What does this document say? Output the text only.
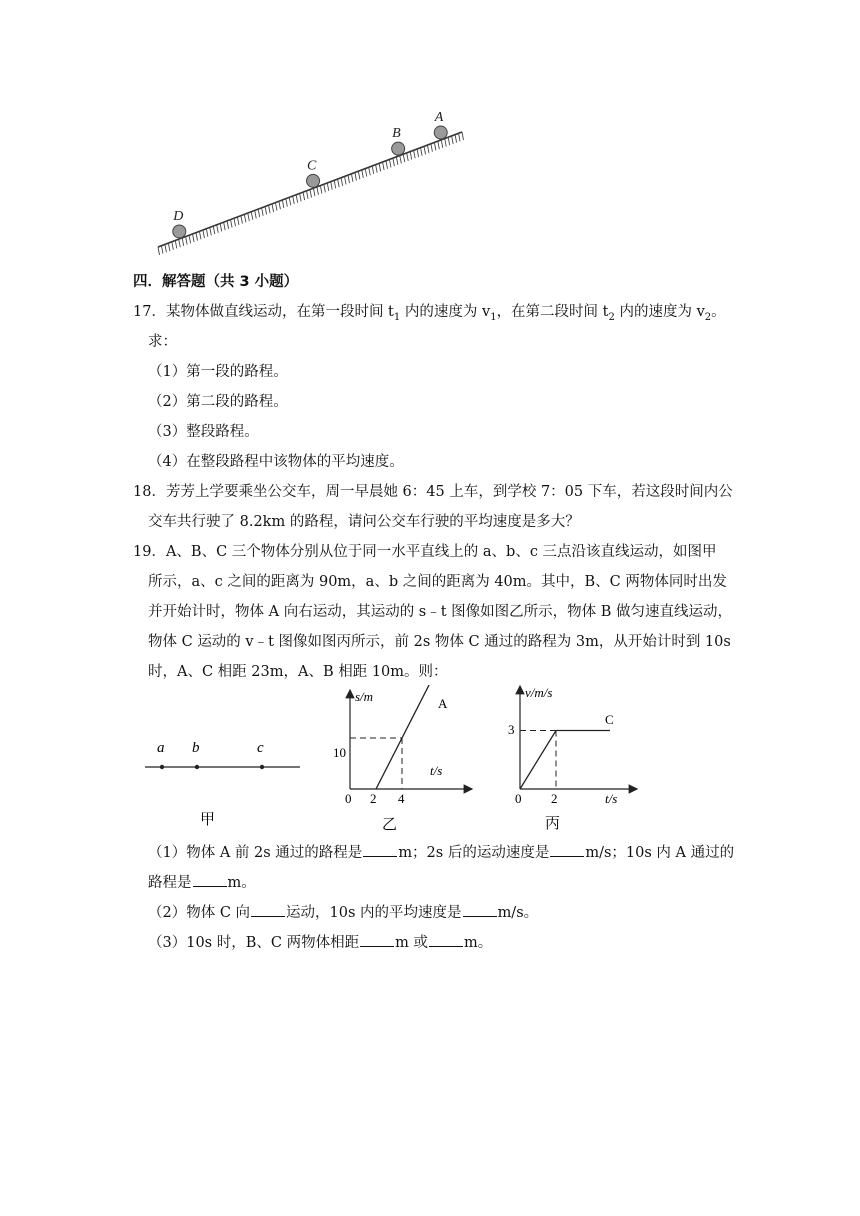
A
B
C
D
四．解答题（共 3 小题）
17．某物体做直线运动，在第一段时间 $t_1$ 内的速度为 $v_1$，在第二段时间 $t_2$ 内的速度为 $v_2$。
求：
（1）第一段的路程。
（2）第二段的路程。
（3）整段路程。
（4）在整段路程中该物体的平均速度。
18．芳芳上学要乘坐公交车，周一早晨她 6：45 上车，到学校 7：05 下车，若这段时间内公
交车共行驶了 8.2km 的路程，请问公交车行驶的平均速度是多大？
19．A、B、C 三个物体分别从位于同一水平直线上的 a、b、c 三点沿该直线运动，如图甲
所示，a、c 之间的距离为 90m，a、b 之间的距离为 40m。其中，B、C 两物体同时出发
并开始计时，物体 A 向右运动，其运动的 s﹣t 图像如图乙所示，物体 B 做匀速直线运动，
物体 C 运动的 v﹣t 图像如图丙所示，前 2s 物体 C 通过的路程为 3m，从开始计时到 10s
时，A、C 相距 23m，A、B 相距 10m。则：
a b	c
甲
s/m
t/s
A
10
0 2 4
乙
v/m/s
t/s
C
3
0 2
丙
（1）物体 A 前 2s 通过的路程是 m；2s 后的运动速度是 m/s；10s 内 A 通过的
路程是 m。
（2）物体 C 向 运动，10s 内的平均速度是 m/s。
（3）10s 时，B、C 两物体相距 m 或 m。
